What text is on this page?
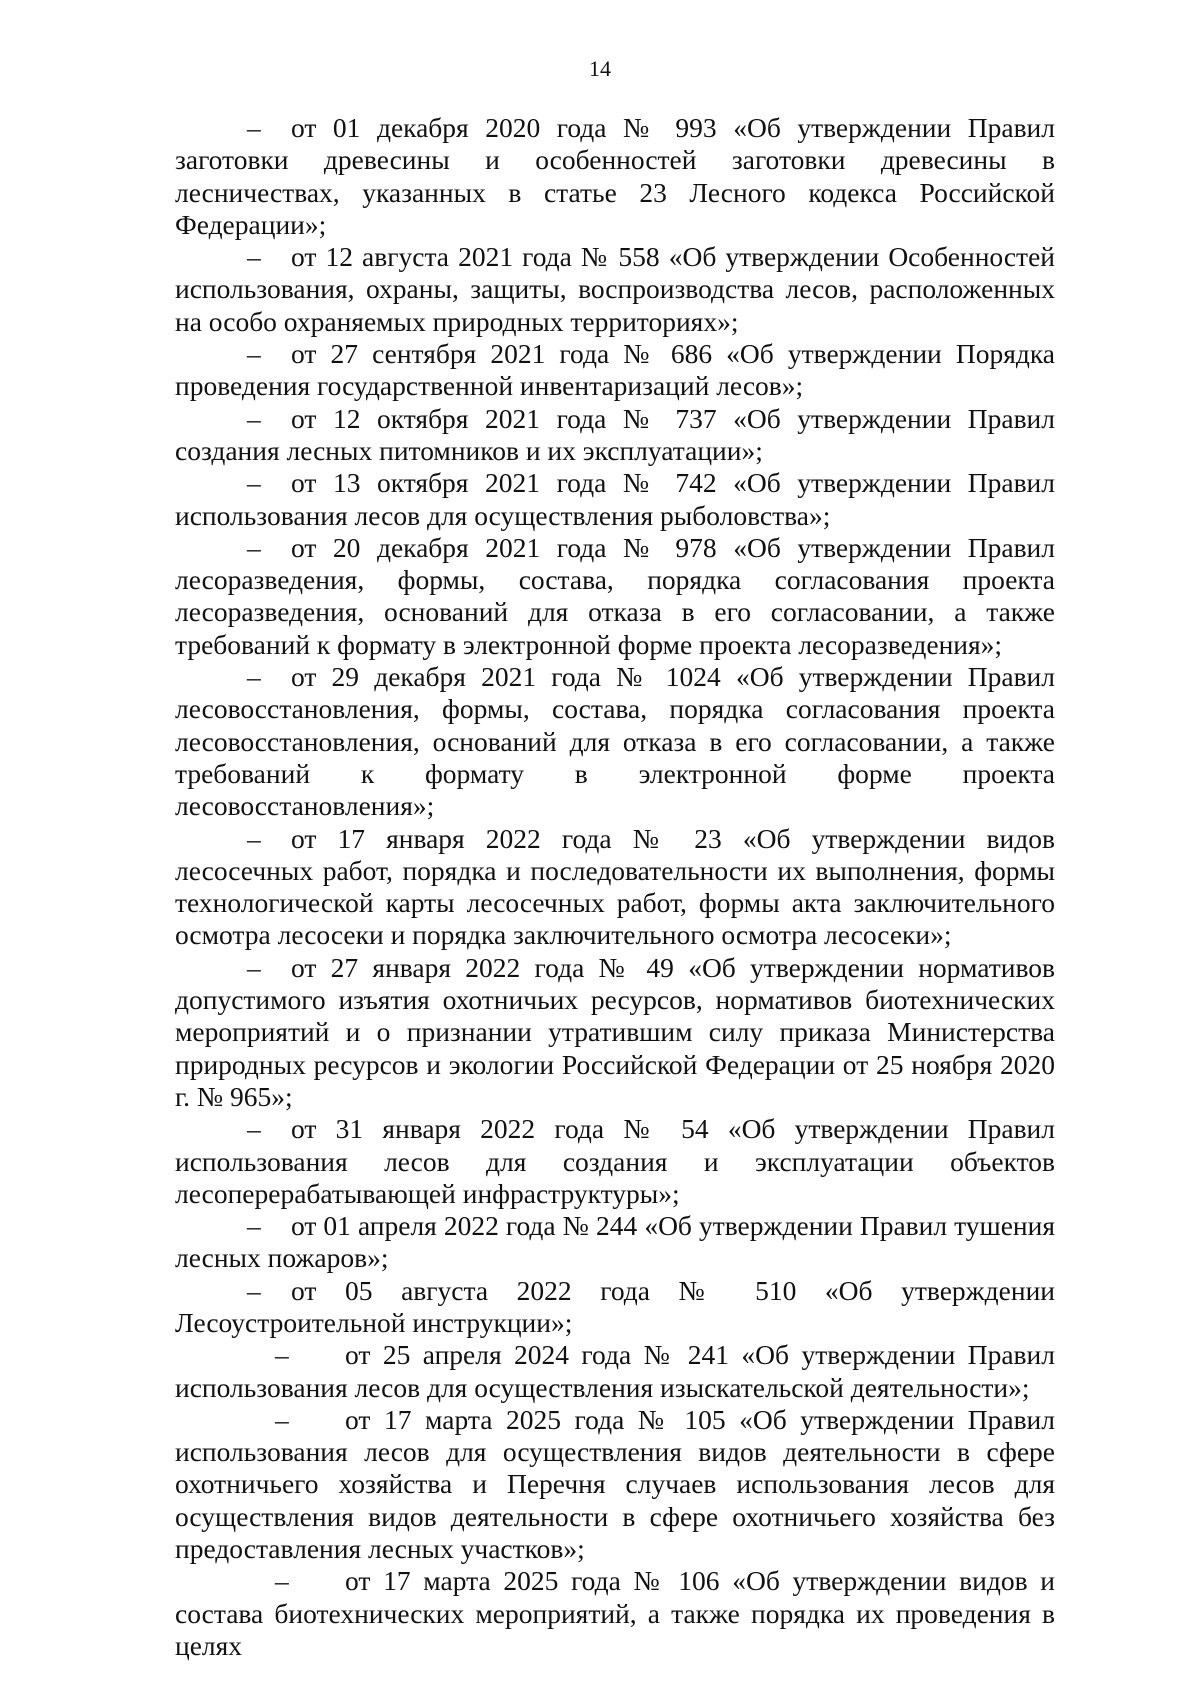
14

– от 01 декабря 2020 года № 993 «Об утверждении Правил заготовки древесины и особенностей заготовки древесины в лесничествах, указанных в статье 23 Лесного кодекса Российской Федерации»;

– от 12 августа 2021 года № 558 «Об утверждении Особенностей использования, охраны, защиты, воспроизводства лесов, расположенных на особо охраняемых природных территориях»;

– от 27 сентября 2021 года № 686 «Об утверждении Порядка проведения государственной инвентаризаций лесов»;

– от 12 октября 2021 года № 737 «Об утверждении Правил создания лесных питомников и их эксплуатации»;

– от 13 октября 2021 года № 742 «Об утверждении Правил использования лесов для осуществления рыболовства»;

– от 20 декабря 2021 года № 978 «Об утверждении Правил лесоразведения, формы, состава, порядка согласования проекта лесоразведения, оснований для отказа в его согласовании, а также требований к формату в электронной форме проекта лесоразведения»;

– от 29 декабря 2021 года № 1024 «Об утверждении Правил лесовосстановления, формы, состава, порядка согласования проекта лесовосстановления, оснований для отказа в его согласовании, а также требований к формату в электронной форме проекта лесовосстановления»;

– от 17 января 2022 года № 23 «Об утверждении видов лесосечных работ, порядка и последовательности их выполнения, формы технологической карты лесосечных работ, формы акта заключительного осмотра лесосеки и порядка заключительного осмотра лесосеки»;

– от 27 января 2022 года № 49 «Об утверждении нормативов допустимого изъятия охотничьих ресурсов, нормативов биотехнических мероприятий и о признании утратившим силу приказа Министерства природных ресурсов и экологии Российской Федерации от 25 ноября 2020 г. № 965»;

– от 31 января 2022 года № 54 «Об утверждении Правил использования лесов для создания и эксплуатации объектов лесоперерабатывающей инфраструктуры»;

– от 01 апреля 2022 года № 244 «Об утверждении Правил тушения лесных пожаров»;

– от 05 августа 2022 года № 510 «Об утверждении Лесоустроительной инструкции»;

– от 25 апреля 2024 года № 241 «Об утверждении Правил использования лесов для осуществления изыскательской деятельности»;

– от 17 марта 2025 года № 105 «Об утверждении Правил использования лесов для осуществления видов деятельности в сфере охотничьего хозяйства и Перечня случаев использования лесов для осуществления видов деятельности в сфере охотничьего хозяйства без предоставления лесных участков»;

– от 17 марта 2025 года № 106 «Об утверждении видов и состава биотехнических мероприятий, а также порядка их проведения в целях
